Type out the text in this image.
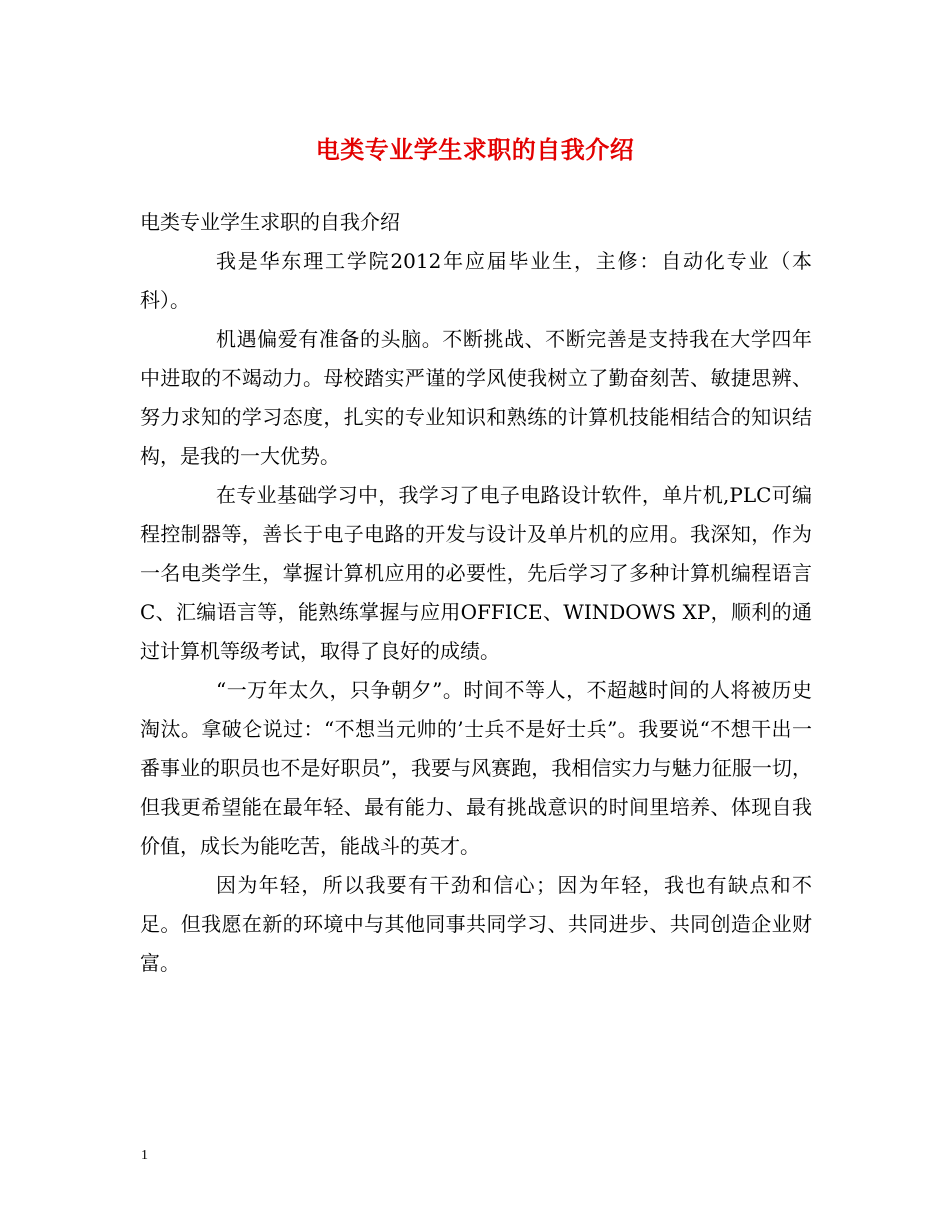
电类专业学生求职的自我介绍

电类专业学生求职的自我介绍

我是华东理工学院2012年应届毕业生，主修：自动化专业（本科）。

机遇偏爱有准备的头脑。不断挑战、不断完善是支持我在大学四年中进取的不竭动力。母校踏实严谨的学风使我树立了勤奋刻苦、敏捷思辨、努力求知的学习态度，扎实的专业知识和熟练的计算机技能相结合的知识结构，是我的一大优势。

在专业基础学习中，我学习了电子电路设计软件，单片机,PLC可编程控制器等，善长于电子电路的开发与设计及单片机的应用。我深知，作为一名电类学生，掌握计算机应用的必要性，先后学习了多种计算机编程语言C、汇编语言等，能熟练掌握与应用OFFICE、WINDOWS XP，顺利的通过计算机等级考试，取得了良好的成绩。

“一万年太久，只争朝夕”。时间不等人，不超越时间的人将被历史淘汰。拿破仑说过：“不想当元帅的’士兵不是好士兵”。我要说“不想干出一番事业的职员也不是好职员”，我要与风赛跑，我相信实力与魅力征服一切，但我更希望能在最年轻、最有能力、最有挑战意识的时间里培养、体现自我价值，成长为能吃苦，能战斗的英才。

因为年轻，所以我要有干劲和信心；因为年轻，我也有缺点和不足。但我愿在新的环境中与其他同事共同学习、共同进步、共同创造企业财富。

1
